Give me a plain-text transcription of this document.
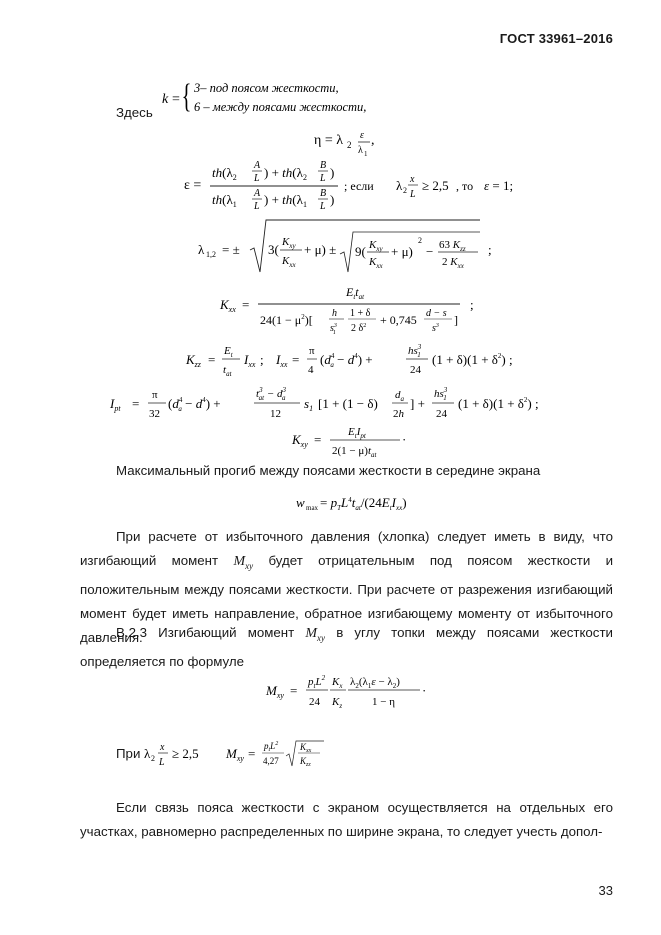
ГОСТ 33961–2016
Здесь
k = { 3– под поясом жесткости,
6 – между поясами жесткости,
η = λ 2
ε
λ 1
,
ε =
$th(\lambda_2$
A
L ) + $th(\lambda_2$
B
L )
$th(\lambda_1$
A
L ) + $th(\lambda_1$
B
L )
; если λ 2
x
L
≥ 2,5 , то ε = 1;
λ 1,2 = ± 3( $K_{xy}$
$K_{xx}$
+ μ) ± 9( $K_{xy}$
$K_{xx}$
+ μ)
2
− 63 $K_{zz}$
2 $K_{xx}$
;
$K_{xx}$ =
$E_tt_{at}$
$24(1 - \mu^2)$[ h
$s^3$ 1
1 + δ
2 $\delta^2 + 0,745$ d − s
$s^3$ ]
;
$K_{zz}$ =
$E_t$
$t_{at}$
$I_{xx}$ ; $I_{xx}$ =
π
4
($d^4$ $a - d^4$) +
$hs^3$ 1
24
$(1 + \delta)(1 + \delta^2)$ ;
$I_{pt}$ =
π
32
($d^4$ $a - d^4$) +
$t^3$ at − $d^3$ a
12
$s_1$ [1 + (1 − δ)
$d_a$
2h
] +
$hs^3$ 1
24
$(1 + \delta)(1 + \delta^2)$ ;
$K_{xy} = E_tI_{pt}$
$2(1 - \mu)t_{at}$
·
Максимальный прогиб между поясами жесткости в середине экрана
w $\max = p_TL^4t_{at}/(24E_tI_{xx})$
При расчете от избыточного давления (хлопка) следует иметь в виду, что изгибающий момент $M_{xy}$ будет отрицательным под поясом жесткости и положительным между поясами жесткости. При расчете от разрежения изгибающий момент будет иметь направление, обратное изгибающему моменту от избыточного давления.
В.2.3 Изгибающий момент $M_{xy}$ в углу топки между поясами жесткости определяется по формуле
$M_{xy}$ =
$p_tL^2$
24
$K_x$
$K_z$
$\lambda_2(\lambda_1\varepsilon - \lambda_2)$
1 − η
·
При λ 2
x
L
≥ 2,5 $M_{xy} = p_tL^2$
4,27
$K_{xx}$
$K_{zz}$
Если связь пояса жесткости с экраном осуществляется на отдельных его участках, равномерно распределенных по ширине экрана, то следует учесть допол-
33
